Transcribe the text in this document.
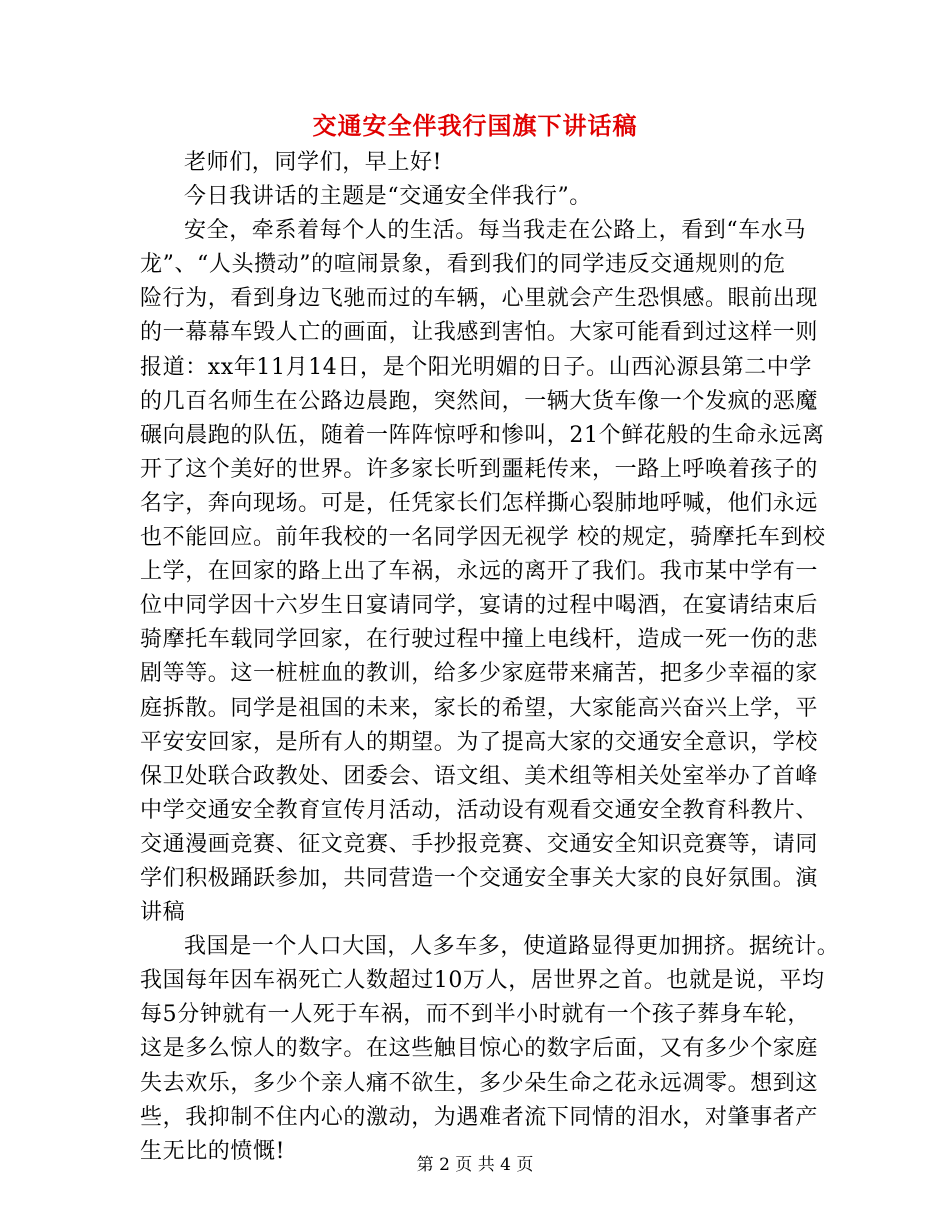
交通安全伴我行国旗下讲话稿
老师们，同学们，早上好!
今日我讲话的主题是“交通安全伴我行”。
安全，牵系着每个人的生活。每当我走在公路上，看到“车水马
龙”、“人头攒动”的喧闹景象，看到我们的同学违反交通规则的危
险行为，看到身边飞驰而过的车辆，心里就会产生恐惧感。眼前出现
的一幕幕车毁人亡的画面，让我感到害怕。大家可能看到过这样一则
报道：xx年11月14日，是个阳光明媚的日子。山西沁源县第二中学
的几百名师生在公路边晨跑，突然间，一辆大货车像一个发疯的恶魔
碾向晨跑的队伍，随着一阵阵惊呼和惨叫，21个鲜花般的生命永远离
开了这个美好的世界。许多家长听到噩耗传来，一路上呼唤着孩子的
名字，奔向现场。可是，任凭家长们怎样撕心裂肺地呼喊，他们永远
也不能回应。前年我校的一名同学因无视学 校的规定，骑摩托车到校
上学，在回家的路上出了车祸，永远的离开了我们。我市某中学有一
位中同学因十六岁生日宴请同学，宴请的过程中喝酒，在宴请结束后
骑摩托车载同学回家，在行驶过程中撞上电线杆，造成一死一伤的悲
剧等等。这一桩桩血的教训，给多少家庭带来痛苦，把多少幸福的家
庭拆散。同学是祖国的未来，家长的希望，大家能高兴奋兴上学，平
平安安回家，是所有人的期望。为了提高大家的交通安全意识，学校
保卫处联合政教处、团委会、语文组、美术组等相关处室举办了首峰
中学交通安全教育宣传月活动，活动设有观看交通安全教育科教片、
交通漫画竞赛、征文竞赛、手抄报竞赛、交通安全知识竞赛等，请同
学们积极踊跃参加，共同营造一个交通安全事关大家的良好氛围。演
讲稿
我国是一个人口大国，人多车多，使道路显得更加拥挤。据统计。
我国每年因车祸死亡人数超过10万人，居世界之首。也就是说，平均
每5分钟就有一人死于车祸，而不到半小时就有一个孩子葬身车轮，
这是多么惊人的数字。在这些触目惊心的数字后面，又有多少个家庭
失去欢乐，多少个亲人痛不欲生，多少朵生命之花永远凋零。想到这
些，我抑制不住内心的激动，为遇难者流下同情的泪水，对肇事者产
生无比的愤慨!
第 2 页 共 4 页
